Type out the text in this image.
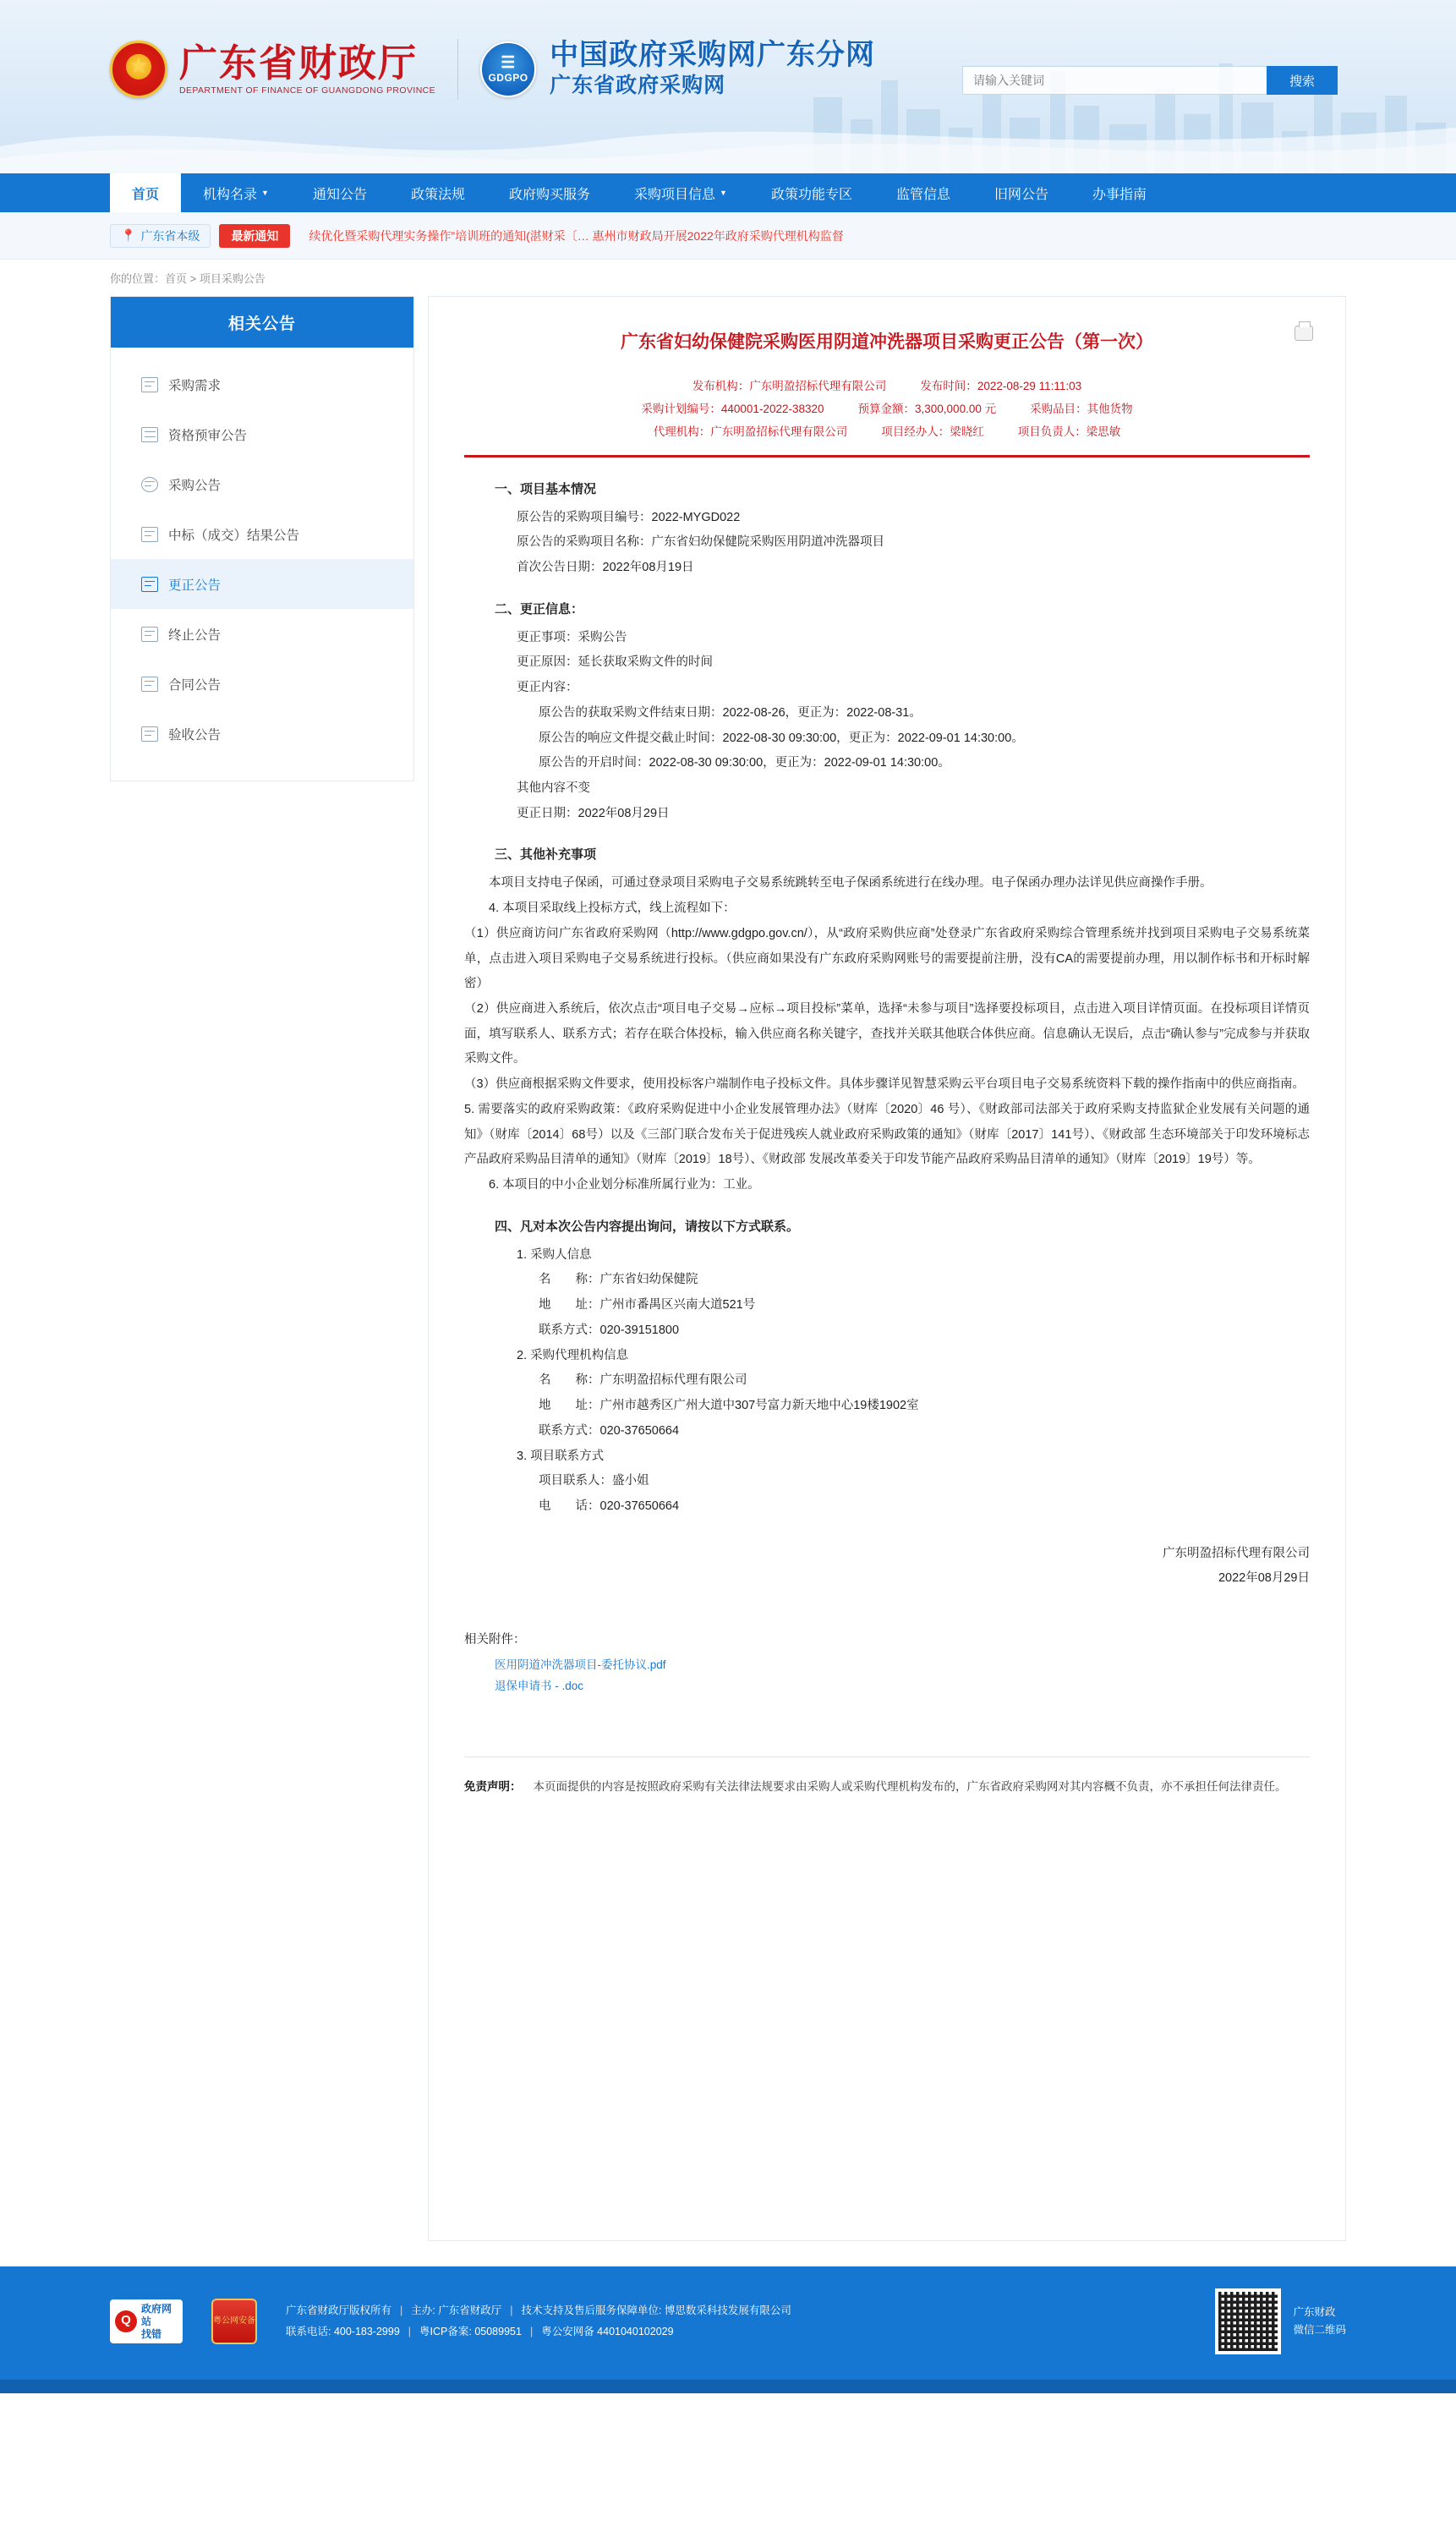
★
广东省财政厅
DEPARTMENT OF FINANCE OF GUANGDONG PROVINCE
☰
GDGPO
中国政府采购网广东分网
广东省政府采购网
请输入关键词	搜索
首页	机构名录 ▼	通知公告	政策法规	政府购买服务	采购项目信息 ▼	政策功能专区	监管信息	旧网公告	办事指南
📍 广东省本级	最新通知	续优化暨采购代理实务操作”培训班的通知(湛财采〔… 惠州市财政局开展2022年政府采购代理机构监督
你的位置：首页 > 项目采购公告
相关公告
采购需求
资格预审公告
采购公告
中标（成交）结果公告
更正公告
终止公告
合同公告
验收公告
广东省妇幼保健院采购医用阴道冲洗器项目采购更正公告（第一次）
发布机构：广东明盈招标代理有限公司	发布时间：2022-08-29 11:11:03
采购计划编号：440001-2022-38320	预算金额：3,300,000.00 元	采购品目：其他货物
代理机构：广东明盈招标代理有限公司	项目经办人：梁晓红	项目负责人：梁思敏
一、项目基本情况
原公告的采购项目编号：2022-MYGD022
原公告的采购项目名称：广东省妇幼保健院采购医用阴道冲洗器项目
首次公告日期：2022年08月19日
二、更正信息：
更正事项：采购公告
更正原因：延长获取采购文件的时间
更正内容：
原公告的获取采购文件结束日期：2022-08-26，更正为：2022-08-31。
原公告的响应文件提交截止时间：2022-08-30 09:30:00，更正为：2022-09-01 14:30:00。
原公告的开启时间：2022-08-30 09:30:00，更正为：2022-09-01 14:30:00。
其他内容不变
更正日期：2022年08月29日
三、其他补充事项

本项目支持电子保函，可通过登录项目采购电子交易系统跳转至电子保函系统进行在线办理。电子保函办理办法详见供应商操作手册。

4. 本项目采取线上投标方式，线上流程如下：

（1）供应商访问广东省政府采购网（http://www.gdgpo.gov.cn/），从“政府采购供应商”处登录广东省政府采购综合管理系统并找到项目采购电子交易系统菜单，点击进入项目采购电子交易系统进行投标。（供应商如果没有广东政府采购网账号的需要提前注册，没有CA的需要提前办理，用以制作标书和开标时解密）

（2）供应商进入系统后，依次点击“项目电子交易→应标→项目投标”菜单，选择“未参与项目”选择要投标项目，点击进入项目详情页面。在投标项目详情页面，填写联系人、联系方式；若存在联合体投标，输入供应商名称关键字，查找并关联其他联合体供应商。信息确认无误后，点击“确认参与”完成参与并获取采购文件。

（3）供应商根据采购文件要求，使用投标客户端制作电子投标文件。具体步骤详见智慧采购云平台项目电子交易系统资料下载的操作指南中的供应商指南。

5. 需要落实的政府采购政策：《政府采购促进中小企业发展管理办法》（财库〔2020〕46 号）、《财政部司法部关于政府采购支持监狱企业发展有关问题的通知》（财库〔2014〕68号）以及《三部门联合发布关于促进残疾人就业政府采购政策的通知》（财库〔2017〕141号）、《财政部 生态环境部关于印发环境标志产品政府采购品目清单的通知》（财库〔2019〕18号）、《财政部 发展改革委关于印发节能产品政府采购品目清单的通知》（财库〔2019〕19号）等。

6. 本项目的中小企业划分标准所属行业为：工业。

四、凡对本次公告内容提出询问，请按以下方式联系。
1. 采购人信息
名　　称：广东省妇幼保健院
地　　址：广州市番禺区兴南大道521号
联系方式：020-39151800
2. 采购代理机构信息
名　　称：广东明盈招标代理有限公司
地　　址：广州市越秀区广州大道中307号富力新天地中心19楼1902室
联系方式：020-37650664
3. 项目联系方式
项目联系人：盛小姐
电　　话：020-37650664
广东明盈招标代理有限公司
2022年08月29日
相关附件：
医用阴道冲洗器项目-委托协议.pdf
退保申请书 - .doc
免责声明： 本页面提供的内容是按照政府采购有关法律法规要求由采购人或采购代理机构发布的，广东省政府采购网对其内容概不负责，亦不承担任何法律责任。
Q
政府网站
找错
粤公网安备
广东省财政厅版权所有 | 主办: 广东省财政厅 | 技术支持及售后服务保障单位: 博思数采科技发展有限公司
联系电话: 400-183-2999 | 粤ICP备案: 05089951 | 粤公安网备 4401040102029
广东财政
微信二维码
